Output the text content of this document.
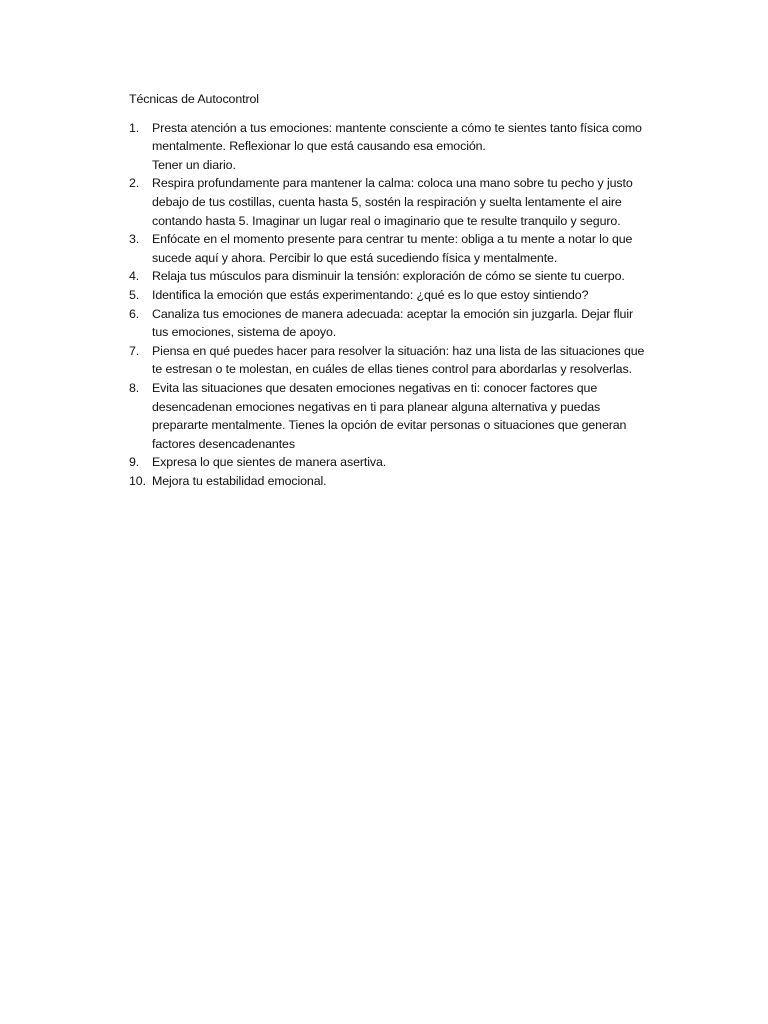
Técnicas de Autocontrol
1. Presta atención a tus emociones: mantente consciente a cómo te sientes tanto física como
mentalmente. Reflexionar lo que está causando esa emoción.
Tener un diario.
2. Respira profundamente para mantener la calma: coloca una mano sobre tu pecho y justo
debajo de tus costillas, cuenta hasta 5, sostén la respiración y suelta lentamente el aire
contando hasta 5. Imaginar un lugar real o imaginario que te resulte tranquilo y seguro.
3. Enfócate en el momento presente para centrar tu mente: obliga a tu mente a notar lo que
sucede aquí y ahora. Percibir lo que está sucediendo física y mentalmente.
4. Relaja tus músculos para disminuir la tensión: exploración de cómo se siente tu cuerpo.
5. Identifica la emoción que estás experimentando: ¿qué es lo que estoy sintiendo?
6. Canaliza tus emociones de manera adecuada: aceptar la emoción sin juzgarla. Dejar fluir
tus emociones, sistema de apoyo.
7. Piensa en qué puedes hacer para resolver la situación: haz una lista de las situaciones que
te estresan o te molestan, en cuáles de ellas tienes control para abordarlas y resolverlas.
8. Evita las situaciones que desaten emociones negativas en ti: conocer factores que
desencadenan emociones negativas en ti para planear alguna alternativa y puedas
prepararte mentalmente. Tienes la opción de evitar personas o situaciones que generan
factores desencadenantes
9. Expresa lo que sientes de manera asertiva.
10. Mejora tu estabilidad emocional.
